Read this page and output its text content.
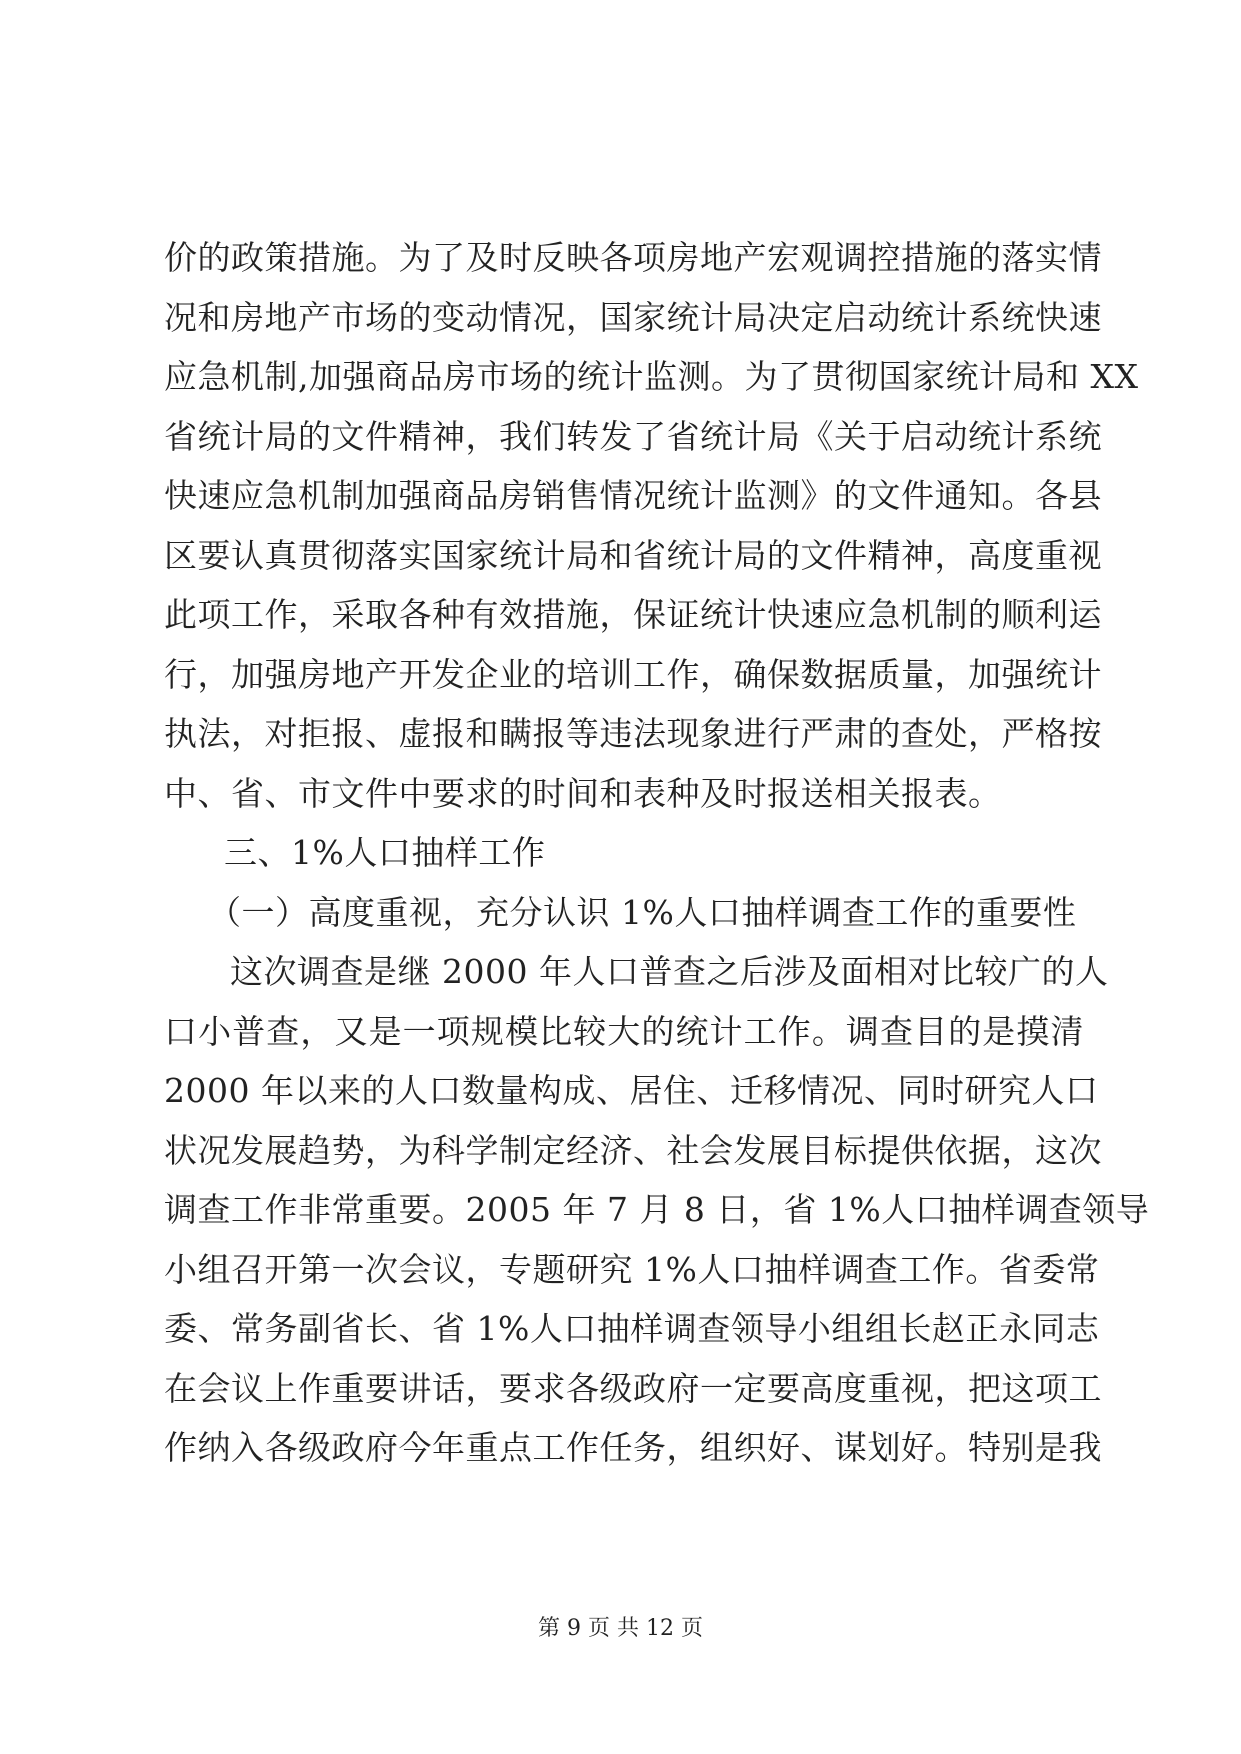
价的政策措施。为了及时反映各项房地产宏观调控措施的落实情
况和房地产市场的变动情况，国家统计局决定启动统计系统快速
应急机制,加强商品房市场的统计监测。为了贯彻国家统计局和 XX
省统计局的文件精神，我们转发了省统计局《关于启动统计系统
快速应急机制加强商品房销售情况统计监测》的文件通知。各县
区要认真贯彻落实国家统计局和省统计局的文件精神，高度重视
此项工作，采取各种有效措施，保证统计快速应急机制的顺利运
行，加强房地产开发企业的培训工作，确保数据质量，加强统计
执法，对拒报、虚报和瞒报等违法现象进行严肃的查处，严格按
中、省、市文件中要求的时间和表种及时报送相关报表。
三、1%人口抽样工作
（一）高度重视，充分认识 1%人口抽样调查工作的重要性
这次调查是继 2000 年人口普查之后涉及面相对比较广的人
口小普查，又是一项规模比较大的统计工作。调查目的是摸清
2000 年以来的人口数量构成、居住、迁移情况、同时研究人口
状况发展趋势，为科学制定经济、社会发展目标提供依据，这次
调查工作非常重要。2005 年 7 月 8 日，省 1%人口抽样调查领导
小组召开第一次会议，专题研究 1%人口抽样调查工作。省委常
委、常务副省长、省 1%人口抽样调查领导小组组长赵正永同志
在会议上作重要讲话，要求各级政府一定要高度重视，把这项工
作纳入各级政府今年重点工作任务，组织好、谋划好。特别是我
第 9 页 共 12 页
